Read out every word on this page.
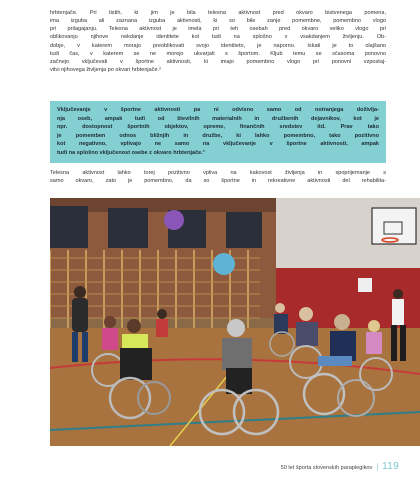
hrbtenjače. Pri tistih, ki jim je bila telesna aktivnost pred okvaro bistvenega pomena,
ima izguba ali zaznana izguba aktivnosti, ki so bile zanje pomembne, pomembno vlogo
pri prilagajanju. Telesna aktivnost je imela pri teh osebah pred okvaro veliko vlogo pri
oblikovanju njihove nekdanje identitete kot tudi na splošno v vsakdanjem življenju. Ob-
dobje, v katerem morajo preoblikovati svojo identiteto, je naporno. Iskati je to olajšano
tudi čas, v katerem se ne morejo ukvarjati s športom. Kljub temu se sčasoma ponovno
začnejo vključevati v športne aktivnosti, ki imajo pomembno vlogo pri ponovni vzpostaj-
vitvi njihovega življenja po okvari hrbtenjače.²
Vključevanje v športne aktivnosti pa ni odvisno samo od notranjega doživlja-
nja oseb, ampak tudi od številnih materialnih in družbenih dejavnikov, kot je
npr. dostopnost športnih objektov, opreme, finančnih sredstev itd. Prav tako
je pomemben odnos bližnjih in družbe, ki lahko pomembno, tako pozitivno
kot negativno, vplivajo ne samo na vključevanje v športne aktivnosti, ampak
tudi na splošno vključenost osebe z okvaro hrbtenjače.³
Telesna aktivnost lahko torej pozitivno vpliva na kakovost življenja in spoprijemanje s
samo okvaro, zato je pomembno, da so športne in rekreativne aktivnosti del rehabilita-
50 let športa slovenskih paraplegikov | 119
